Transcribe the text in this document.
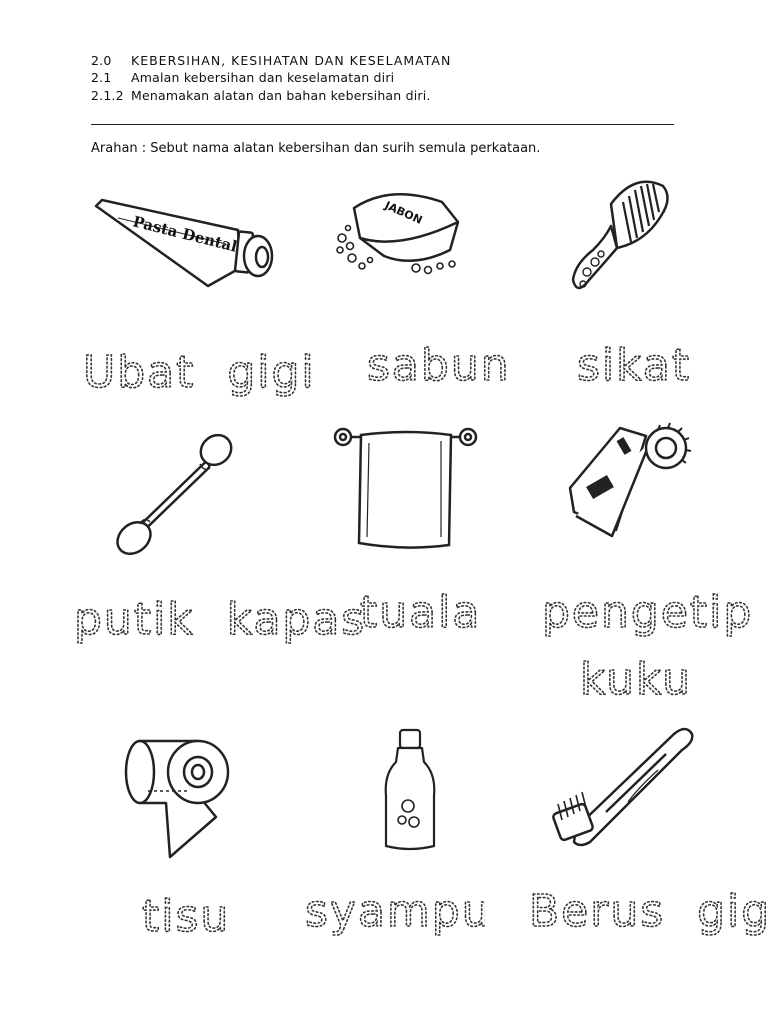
2.0 KEBERSIHAN, KESIHATAN DAN KESELAMATAN
2.1 Amalan kebersihan dan keselamatan diri
2.1.2 Menamakan alatan dan bahan kebersihan diri.
Arahan : Sebut nama alatan kebersihan dan surih semula perkataan.
Pasta Dental	JABON
